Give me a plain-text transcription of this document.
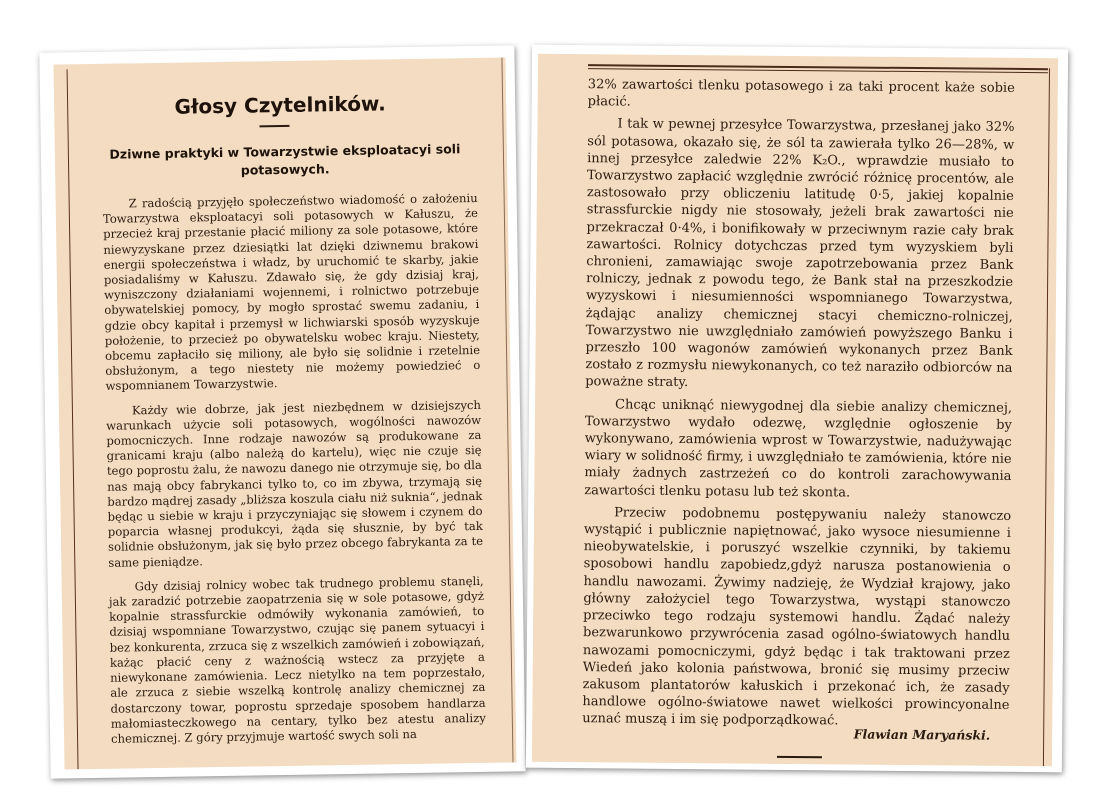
Głosy Czytelników.
Dziwne praktyki w Towarzystwie eksploatacyi soli potasowych.

Z radością przyjęło społeczeństwo wiadomość o założeniu Towarzystwa eksploatacyi soli potasowych w Kałuszu, że przecież kraj przestanie płacić miliony za sole potasowe, które niewyzyskane przez dziesiątki lat dzięki dziwnemu brakowi energii społeczeństwa i władz, by uruchomić te skarby, jakie posiadaliśmy w Kałuszu. Zdawało się, że gdy dzisiaj kraj, wyniszczony działaniami wojennemi, i rolnictwo potrzebuje obywatelskiej pomocy, by mogło sprostać swemu zadaniu, i gdzie obcy kapitał i przemysł w lichwiarski sposób wyzyskuje położenie, to przecież po obywatelsku wobec kraju. Niestety, obcemu zapłaciło się miliony, ale było się solidnie i rzetelnie obsłużonym, a tego niestety nie możemy powiedzieć o wspomnianem Towarzystwie.

Każdy wie dobrze, jak jest niezbędnem w dzisiejszych warunkach użycie soli potasowych, wogólności nawozów pomocniczych. Inne rodzaje nawozów są produkowane za granicami kraju (albo należą do kartelu), więc nie czuje się tego poprostu żalu, że nawozu danego nie otrzymuje się, bo dla nas mają obcy fabrykanci tylko to, co im zbywa, trzymają się bardzo mądrej zasady „bliższa koszula ciału niż suknia“, jednak będąc u siebie w kraju i przyczyniając się słowem i czynem do poparcia własnej produkcyi, żąda się słusznie, by być tak solidnie obsłużonym, jak się było przez obcego fabrykanta za te same pieniądze.

Gdy dzisiaj rolnicy wobec tak trudnego problemu stanęli, jak zaradzić potrzebie zaopatrzenia się w sole potasowe, gdyż kopalnie strassfurckie odmówiły wykonania zamówień, to dzisiaj wspomniane Towarzystwo, czując się panem sytuacyi i bez konkurenta, zrzuca się z wszelkich zamówień i zobowiązań, każąc płacić ceny z ważnością wstecz za przyjęte a niewykonane zamówienia. Lecz nietylko na tem poprzestało, ale zrzuca z siebie wszelką kontrolę analizy chemicznej za dostarczony towar, poprostu sprzedaje sposobem handlarza małomiasteczkowego na centary, tylko bez atestu analizy chemicznej. Z góry przyjmuje wartość swych soli na

32% zawartości tlenku potasowego i za taki procent każe sobie płacić.

I tak w pewnej przesyłce Towarzystwa, przesłanej jako 32% sól potasowa, okazało się, że sól ta zawierała tylko 26—28%, w innej przesyłce zaledwie 22% K₂O., wprawdzie musiało to Towarzystwo zapłacić względnie zwrócić różnicę procentów, ale zastosowało przy obliczeniu latitudę 0·5, jakiej kopalnie strassfurckie nigdy nie stosowały, jeżeli brak zawartości nie przekraczał 0·4%, i bonifikowały w przeciwnym razie cały brak zawartości. Rolnicy dotychczas przed tym wyzyskiem byli chronieni, zamawiając swoje zapotrzebowania przez Bank rolniczy, jednak z powodu tego, że Bank stał na przeszkodzie wyzyskowi i niesumienności wspomnianego Towarzystwa, żądając analizy chemicznej stacyi chemiczno-rolniczej, Towarzystwo nie uwzględniało zamówień powyższego Banku i przeszło 100 wagonów zamówień wykonanych przez Bank zostało z rozmysłu niewykonanych, co też naraziło odbiorców na poważne straty.

Chcąc uniknąć niewygodnej dla siebie analizy chemicznej, Towarzystwo wydało odezwę, względnie ogłoszenie by wykonywano, zamówienia wprost w Towarzystwie, nadużywając wiary w solidność firmy, i uwzględniało te zamówienia, które nie miały żadnych zastrzeżeń co do kontroli zarachowywania zawartości tlenku potasu lub też skonta.

Przeciw podobnemu postępywaniu należy stanowczo wystąpić i publicznie napiętnować, jako wysoce niesumienne i nieobywatelskie, i poruszyć wszelkie czynniki, by takiemu sposobowi handlu zapobiedz,gdyż narusza postanowienia o handlu nawozami. Żywimy nadzieję, że Wydział krajowy, jako główny założyciel tego Towarzystwa, wystąpi stanowczo przeciwko tego rodzaju systemowi handlu. Żądać należy bezwarunkowo przywrócenia zasad ogólno-światowych handlu nawozami pomocniczymi, gdyż będąc i tak traktowani przez Wiedeń jako kolonia państwowa, bronić się musimy przeciw zakusom plantatorów kałuskich i przekonać ich, że zasady handlowe ogólno-światowe nawet wielkości prowincyonalne uznać muszą i im się podporządkować.

Flawian Maryański.
